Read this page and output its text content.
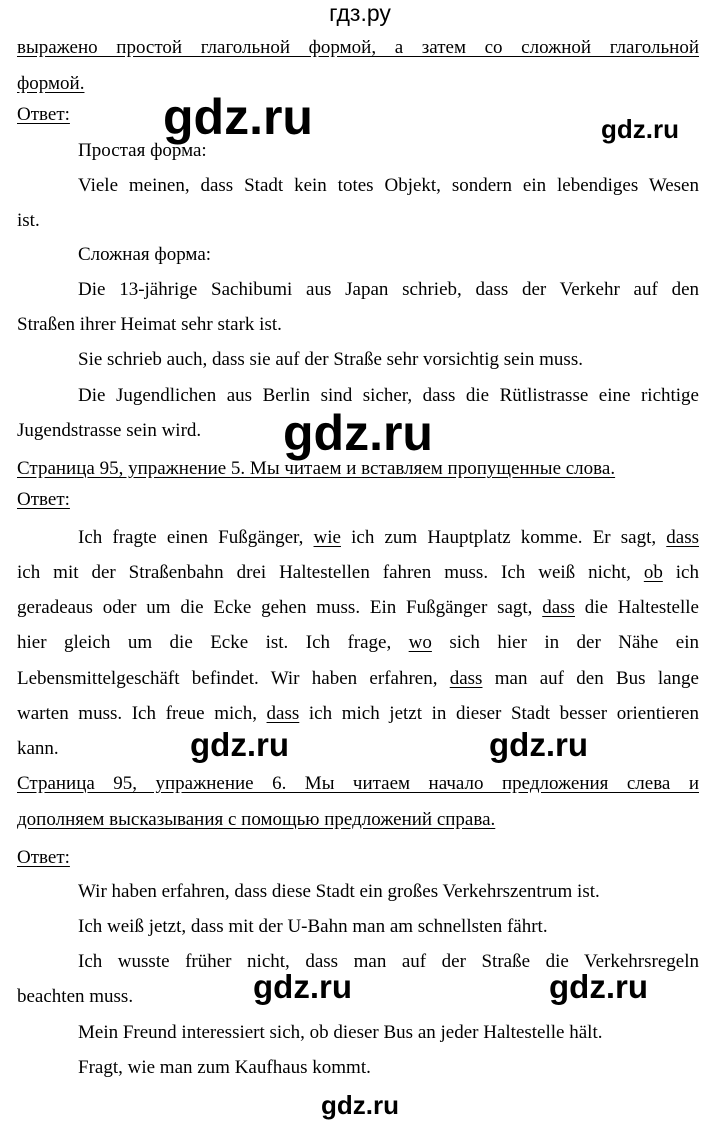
гдз.ру
выражено простой глагольной формой, а затем со сложной глагольной
формой.
Ответ:	gdz.ru	gdz.ru
Простая форма:
Viele meinen, dass Stadt kein totes Objekt, sondern ein lebendiges Wesen
ist.
Сложная форма:
Die 13-jährige Sachibumi aus Japan schrieb, dass der Verkehr auf den
Straßen ihrer Heimat sehr stark ist.
Sie schrieb auch, dass sie auf der Straße sehr vorsichtig sein muss.
Die Jugendlichen aus Berlin sind sicher, dass die Rütlistrasse eine richtige
Jugendstrasse sein wird.	gdz.ru
Страница 95, упражнение 5. Мы читаем и вставляем пропущенные слова.
Ответ:
Ich fragte einen Fußgänger, wie ich zum Hauptplatz komme. Er sagt, dass
ich mit der Straßenbahn drei Haltestellen fahren muss. Ich weiß nicht, ob ich
geradeaus oder um die Ecke gehen muss. Ein Fußgänger sagt, dass die Haltestelle
hier gleich um die Ecke ist. Ich frage, wo sich hier in der Nähe ein
Lebensmittelgeschäft befindet. Wir haben erfahren, dass man auf den Bus lange
warten muss. Ich freue mich, dass ich mich jetzt in dieser Stadt besser orientieren
kann.	gdz.ru	gdz.ru
Страница 95, упражнение 6. Мы читаем начало предложения слева и
дополняем высказывания с помощью предложений справа.
Ответ:
Wir haben erfahren, dass diese Stadt ein großes Verkehrszentrum ist.
Ich weiß jetzt, dass mit der U-Bahn man am schnellsten fährt.
Ich wusste früher nicht, dass man auf der Straße die Verkehrsregeln
beachten muss.	gdz.ru	gdz.ru
Mein Freund interessiert sich, ob dieser Bus an jeder Haltestelle hält.
Fragt, wie man zum Kaufhaus kommt.
gdz.ru
